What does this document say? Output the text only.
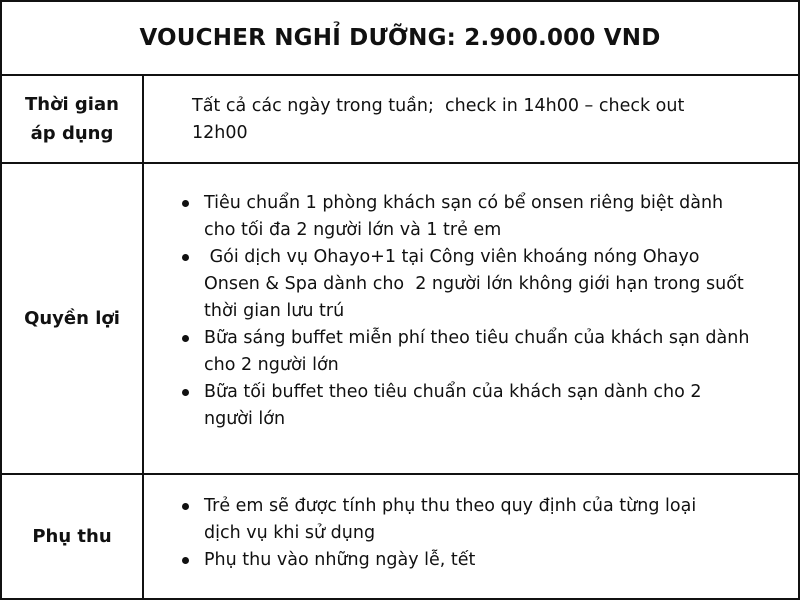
VOUCHER NGHỈ DƯỠNG: 2.900.000 VND
Thời gian
áp dụng
Tất cả các ngày trong tuần;  check in 14h00 – check out
12h00
Quyền lợi
Tiêu chuẩn 1 phòng khách sạn có bể onsen riêng biệt dành
cho tối đa 2 người lớn và 1 trẻ em
Gói dịch vụ Ohayo+1 tại Công viên khoáng nóng Ohayo
Onsen & Spa dành cho  2 người lớn không giới hạn trong suốt
thời gian lưu trú
Bữa sáng buffet miễn phí theo tiêu chuẩn của khách sạn dành
cho 2 người lớn
Bữa tối buffet theo tiêu chuẩn của khách sạn dành cho 2
người lớn
Phụ thu
Trẻ em sẽ được tính phụ thu theo quy định của từng loại
dịch vụ khi sử dụng
Phụ thu vào những ngày lễ, tết
